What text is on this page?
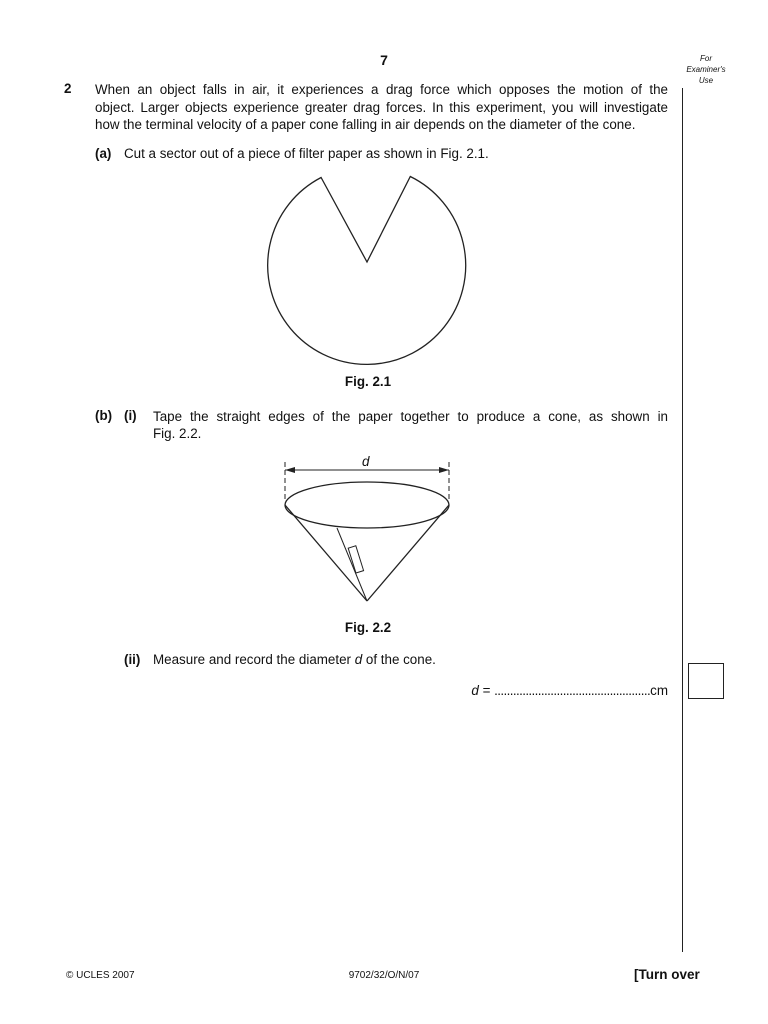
7	For
Examiner's
Use
2 When an object falls in air, it experiences a drag force which opposes the motion of the
object. Larger objects experience greater drag forces. In this experiment, you will investigate
how the terminal velocity of a paper cone falling in air depends on the diameter of the cone.
(a) Cut a sector out of a piece of filter paper as shown in Fig. 2.1.
Fig. 2.1
(b) (i) Tape the straight edges of the paper together to produce a cone, as shown in
Fig. 2.2.
d
Fig. 2.2
(ii) Measure and record the diameter d of the cone.
d = ..................................................cm
© UCLES 2007	9702/32/O/N/07	[Turn over
